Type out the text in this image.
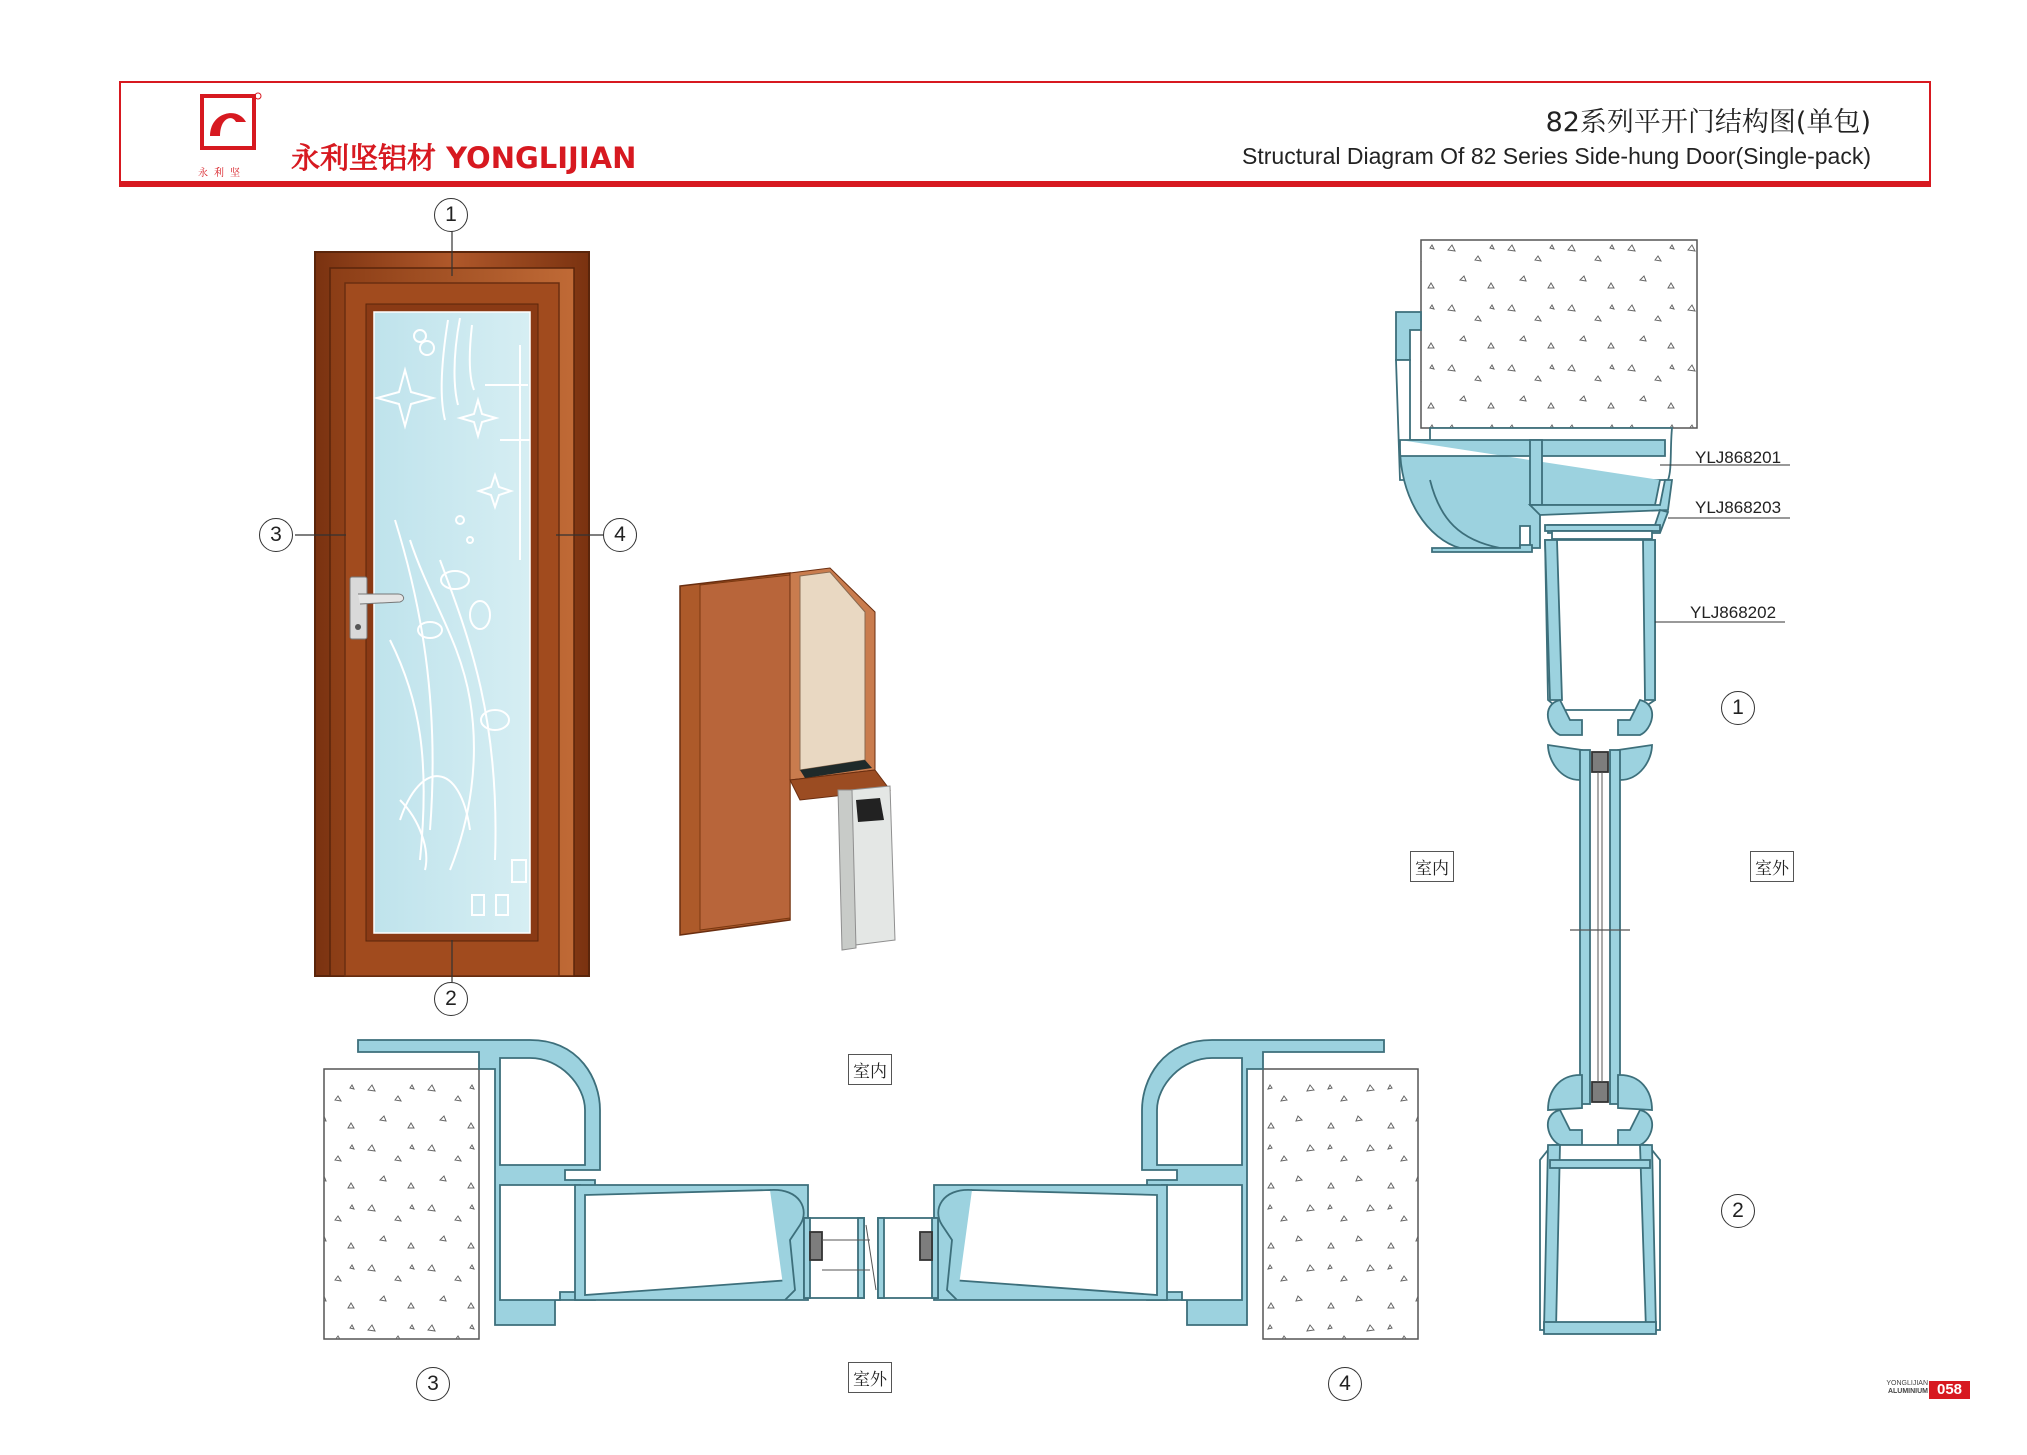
永利坚 永利坚铝材 YONGLIJIAN
82系列平开门结构图(单包)
Structural Diagram Of 82 Series Side-hung Door(Single-pack)
1
2
3	4
室内
室外
3	4
室内	室外
1
2
YLJ868201
YLJ868203
YLJ868202
YONGLIJIAN
ALUMINIUM 058
